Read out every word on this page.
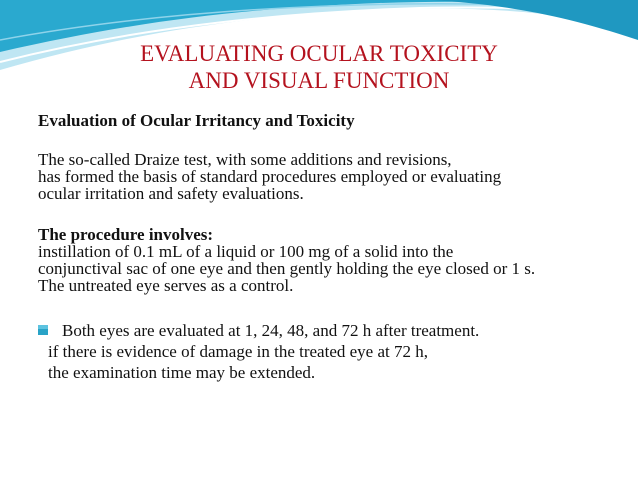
EVALUATING OCULAR TOXICITY
AND VISUAL FUNCTION
Evaluation of Ocular Irritancy and Toxicity
The so-called Draize test, with some additions and revisions,
has formed the basis of standard procedures employed or evaluating
ocular irritation and safety evaluations.
The procedure involves:
instillation of 0.1 mL of a liquid or 100 mg of a solid into the
conjunctival sac of one eye and then gently holding the eye closed or 1 s.
The untreated eye serves as a control.
Both eyes are evaluated at 1, 24, 48, and 72 h after treatment.
if there is evidence of damage in the treated eye at 72 h,
the examination time may be extended.
